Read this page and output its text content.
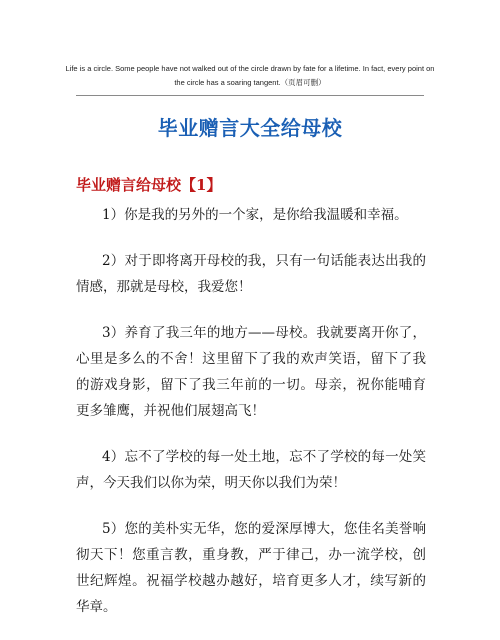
Life is a circle. Some people have not walked out of the circle drawn by fate for a lifetime. In fact, every point on the circle has a soaring tangent.（页眉可删）
毕业赠言大全给母校
毕业赠言给母校【1】

1）你是我的另外的一个家，是你给我温暖和幸福。

2）对于即将离开母校的我，只有一句话能表达出我的情感，那就是母校，我爱您！

3）养育了我三年的地方——母校。我就要离开你了，心里是多么的不舍！这里留下了我的欢声笑语，留下了我的游戏身影，留下了我三年前的一切。母亲，祝你能哺育更多雏鹰，并祝他们展翅高飞！

4）忘不了学校的每一处土地，忘不了学校的每一处笑声，今天我们以你为荣，明天你以我们为荣！

5）您的美朴实无华，您的爱深厚博大，您佳名美誉响彻天下！您重言教，重身教，严于律己，办一流学校，创世纪辉煌。祝福学校越办越好，培育更多人才，续写新的华章。
